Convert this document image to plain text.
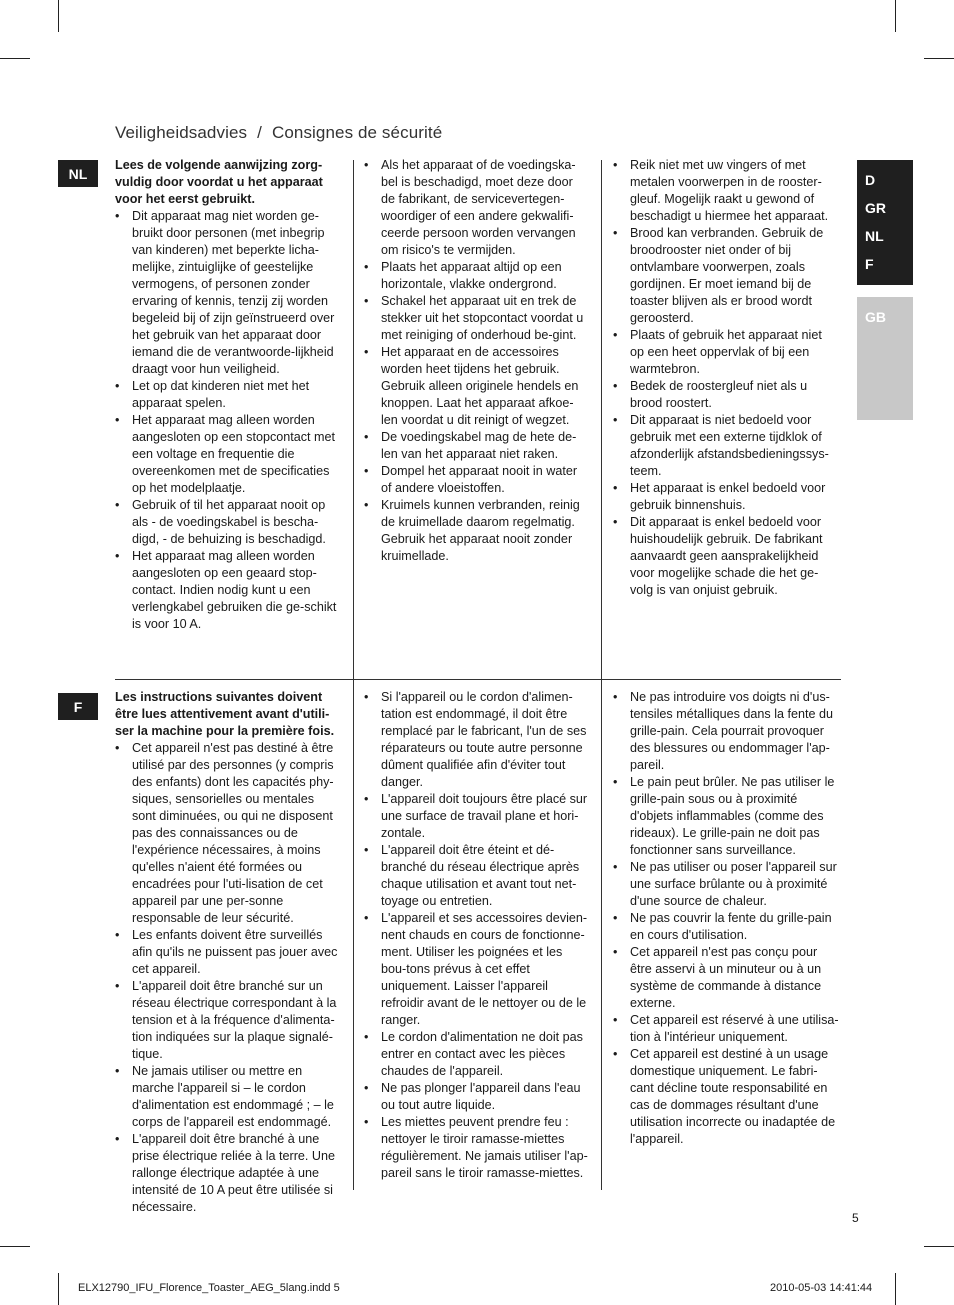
Veiligheidsadvies / Consignes de sécurité
D
GR
NL
F
GB
NL

Lees de volgende aanwijzing zorg-vuldig door voordat u het apparaat voor het eerst gebruikt.

• Dit apparaat mag niet worden ge-bruikt door personen (met inbegrip van kinderen) met beperkte licha-melijke, zintuiglijke of geestelijke vermogens, of personen zonder ervaring of kennis, tenzij zij worden begeleid bij of zijn geïnstrueerd over het gebruik van het apparaat door iemand die de verantwoorde-lijkheid draagt voor hun veiligheid.
• Let op dat kinderen niet met het apparaat spelen.
• Het apparaat mag alleen worden aangesloten op een stopcontact met een voltage en frequentie die overeenkomen met de specificaties op het modelplaatje.
• Gebruik of til het apparaat nooit op als - de voedingskabel is bescha-digd, - de behuizing is beschadigd.
• Het apparaat mag alleen worden aangesloten op een geaard stop-contact. Indien nodig kunt u een verlengkabel gebruiken die ge-schikt is voor 10 A.
• Als het apparaat of de voedingska-bel is beschadigd, moet deze door de fabrikant, de servicevertegen-woordiger of een andere gekwalifi-ceerde persoon worden vervangen om risico's te vermijden.
• Plaats het apparaat altijd op een horizontale, vlakke ondergrond.
• Schakel het apparaat uit en trek de stekker uit het stopcontact voordat u met reiniging of onderhoud be-gint.
• Het apparaat en de accessoires worden heet tijdens het gebruik. Gebruik alleen originele hendels en knoppen. Laat het apparaat afkoe-len voordat u dit reinigt of wegzet.
• De voedingskabel mag de hete de-len van het apparaat niet raken.
• Dompel het apparaat nooit in water of andere vloeistoffen.
• Kruimels kunnen verbranden, reinig de kruimellade daarom regelmatig. Gebruik het apparaat nooit zonder kruimellade.
• Reik niet met uw vingers of met metalen voorwerpen in de rooster-gleuf. Mogelijk raakt u gewond of beschadigt u hiermee het apparaat.
• Brood kan verbranden. Gebruik de broodrooster niet onder of bij ontvlambare voorwerpen, zoals gordijnen. Er moet iemand bij de toaster blijven als er brood wordt geroosterd.
• Plaats of gebruik het apparaat niet op een heet oppervlak of bij een warmtebron.
• Bedek de roostergleuf niet als u brood roostert.
• Dit apparaat is niet bedoeld voor gebruik met een externe tijdklok of afzonderlijk afstandsbedieningssys-teem.
• Het apparaat is enkel bedoeld voor gebruik binnenshuis.
• Dit apparaat is enkel bedoeld voor huishoudelijk gebruik. De fabrikant aanvaardt geen aansprakelijkheid voor mogelijke schade die het ge-volg is van onjuist gebruik.
F

Les instructions suivantes doivent être lues attentivement avant d'utili-ser la machine pour la première fois.

• Cet appareil n'est pas destiné à être utilisé par des personnes (y compris des enfants) dont les capacités phy-siques, sensorielles ou mentales sont diminuées, ou qui ne disposent pas des connaissances ou de l'expérience nécessaires, à moins qu'elles n'aient été formées ou encadrées pour l'uti-lisation de cet appareil par une per-sonne responsable de leur sécurité.
• Les enfants doivent être surveillés afin qu'ils ne puissent pas jouer avec cet appareil.
• L'appareil doit être branché sur un réseau électrique correspondant à la tension et à la fréquence d'alimenta-tion indiquées sur la plaque signalé-tique.
• Ne jamais utiliser ou mettre en marche l'appareil si – le cordon d'alimentation est endommagé ; – le corps de l'appareil est endommagé.
• L'appareil doit être branché à une prise électrique reliée à la terre. Une rallonge électrique adaptée à une intensité de 10 A peut être utilisée si nécessaire.
• Si l'appareil ou le cordon d'alimen-tation est endommagé, il doit être remplacé par le fabricant, l'un de ses réparateurs ou toute autre personne dûment qualifiée afin d'éviter tout danger.
• L'appareil doit toujours être placé sur une surface de travail plane et hori-zontale.
• L'appareil doit être éteint et dé-branché du réseau électrique après chaque utilisation et avant tout net-toyage ou entretien.
• L'appareil et ses accessoires devien-nent chauds en cours de fonctionne-ment. Utiliser les poignées et les bou-tons prévus à cet effet uniquement. Laisser l'appareil refroidir avant de le nettoyer ou de le ranger.
• Le cordon d'alimentation ne doit pas entrer en contact avec les pièces chaudes de l'appareil.
• Ne pas plonger l'appareil dans l'eau ou tout autre liquide.
• Les miettes peuvent prendre feu : nettoyer le tiroir ramasse-miettes régulièrement. Ne jamais utiliser l'ap-pareil sans le tiroir ramasse-miettes.
• Ne pas introduire vos doigts ni d'us-tensiles métalliques dans la fente du grille-pain. Cela pourrait provoquer des blessures ou endommager l'ap-pareil.
• Le pain peut brûler. Ne pas utiliser le grille-pain sous ou à proximité d'objets inflammables (comme des rideaux). Le grille-pain ne doit pas fonctionner sans surveillance.
• Ne pas utiliser ou poser l'appareil sur une surface brûlante ou à proximité d'une source de chaleur.
• Ne pas couvrir la fente du grille-pain en cours d'utilisation.
• Cet appareil n'est pas conçu pour être asservi à un minuteur ou à un système de commande à distance externe.
• Cet appareil est réservé à une utilisa-tion à l'intérieur uniquement.
• Cet appareil est destiné à un usage domestique uniquement. Le fabri-cant décline toute responsabilité en cas de dommages résultant d'une utilisation incorrecte ou inadaptée de l'appareil.
5
ELX12790_IFU_Florence_Toaster_AEG_5lang.indd 5	2010-05-03 14:41:44
